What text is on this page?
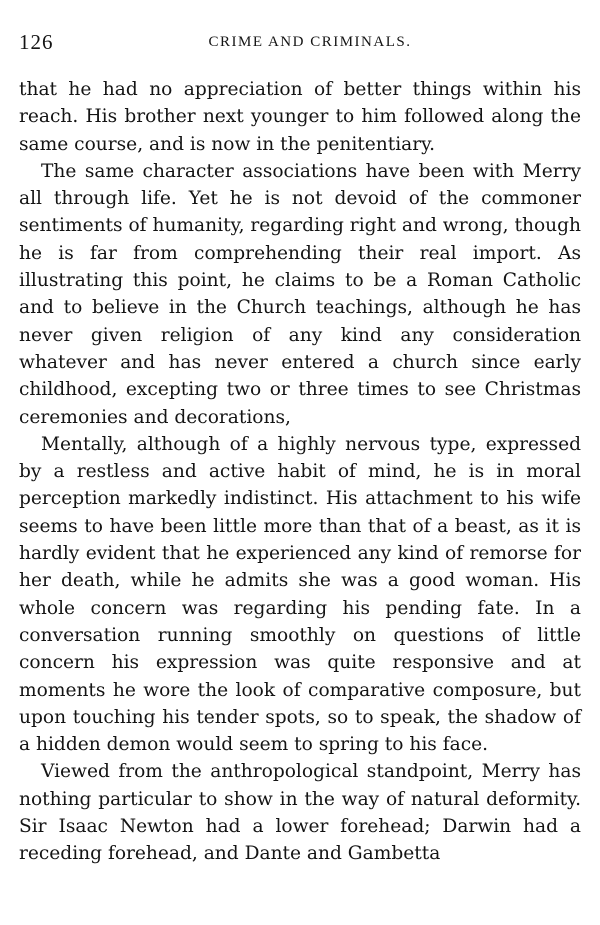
126	CRIME AND CRIMINALS.

that he had no appreciation of better things within his reach. His brother next younger to him followed along the same course, and is now in the penitentiary.

The same character associations have been with Merry all through life. Yet he is not devoid of the commoner sentiments of humanity, regarding right and wrong, though he is far from comprehending their real import. As illustrating this point, he claims to be a Roman Catholic and to believe in the Church teachings, although he has never given religion of any kind any consideration whatever and has never entered a church since early childhood, excepting two or three times to see Christmas ceremonies and decorations,

Mentally, although of a highly nervous type, expressed by a restless and active habit of mind, he is in moral perception markedly indistinct. His attachment to his wife seems to have been little more than that of a beast, as it is hardly evident that he experienced any kind of remorse for her death, while he admits she was a good woman. His whole concern was regarding his pending fate. In a conversation running smoothly on questions of little concern his expression was quite responsive and at moments he wore the look of comparative composure, but upon touching his tender spots, so to speak, the shadow of a hidden demon would seem to spring to his face.

Viewed from the anthropological standpoint, Merry has nothing particular to show in the way of natural deformity. Sir Isaac Newton had a lower forehead; Darwin had a receding forehead, and Dante and Gambetta
